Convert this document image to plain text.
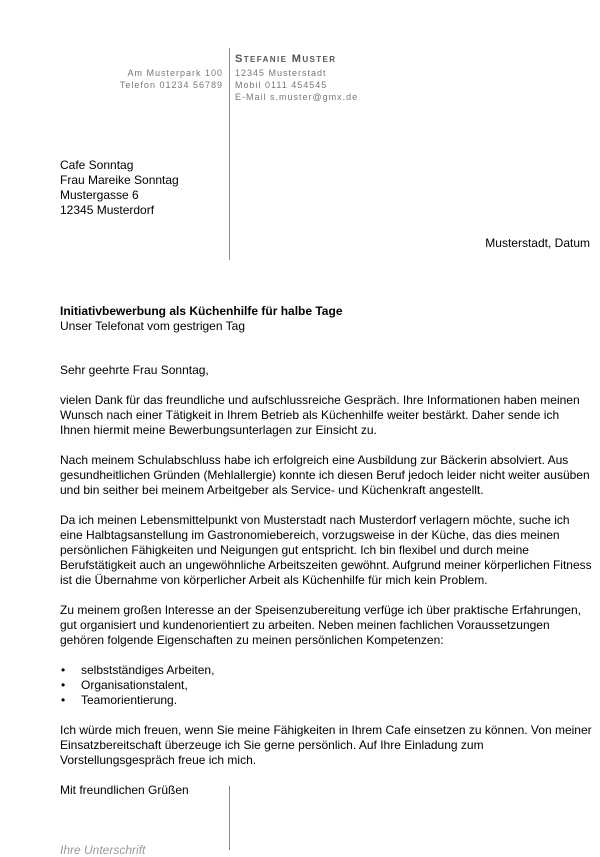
Stefanie Muster
Am Musterpark 100
Telefon 01234 56789
12345 Musterstadt
Mobil 0111 454545
E-Mail s.muster@gmx.de
Cafe Sonntag
Frau Mareike Sonntag
Mustergasse 6
12345 Musterdorf
Musterstadt, Datum
Initiativbewerbung als Küchenhilfe für halbe Tage
Unser Telefonat vom gestrigen Tag

Sehr geehrte Frau Sonntag,

vielen Dank für das freundliche und aufschlussreiche Gespräch. Ihre Informationen haben meinen Wunsch nach einer Tätigkeit in Ihrem Betrieb als Küchenhilfe weiter bestärkt. Daher sende ich Ihnen hiermit meine Bewerbungsunterlagen zur Einsicht zu.

Nach meinem Schulabschluss habe ich erfolgreich eine Ausbildung zur Bäckerin absolviert. Aus gesundheitlichen Gründen (Mehlallergie) konnte ich diesen Beruf jedoch leider nicht weiter ausüben und bin seither bei meinem Arbeitgeber als Service- und Küchenkraft angestellt.

Da ich meinen Lebensmittelpunkt von Musterstadt nach Musterdorf verlagern möchte, suche ich eine Halbtagsanstellung im Gastronomiebereich, vorzugsweise in der Küche, das dies meinen persönlichen Fähigkeiten und Neigungen gut entspricht. Ich bin flexibel und durch meine Berufstätigkeit auch an ungewöhnliche Arbeitszeiten gewöhnt. Aufgrund meiner körperlichen Fitness ist die Übernahme von körperlicher Arbeit als Küchenhilfe für mich kein Problem.

Zu meinem großen Interesse an der Speisenzubereitung verfüge ich über praktische Erfahrungen, gut organisiert und kundenorientiert zu arbeiten. Neben meinen fachlichen Voraussetzungen gehören folgende Eigenschaften zu meinen persönlichen Kompetenzen:

• selbstständiges Arbeiten,
• Organisationstalent,
• Teamorientierung.

Ich würde mich freuen, wenn Sie meine Fähigkeiten in Ihrem Cafe einsetzen zu können. Von meiner Einsatzbereitschaft überzeuge ich Sie gerne persönlich. Auf Ihre Einladung zum Vorstellungsgespräch freue ich mich.

Mit freundlichen Grüßen
Ihre Unterschrift
